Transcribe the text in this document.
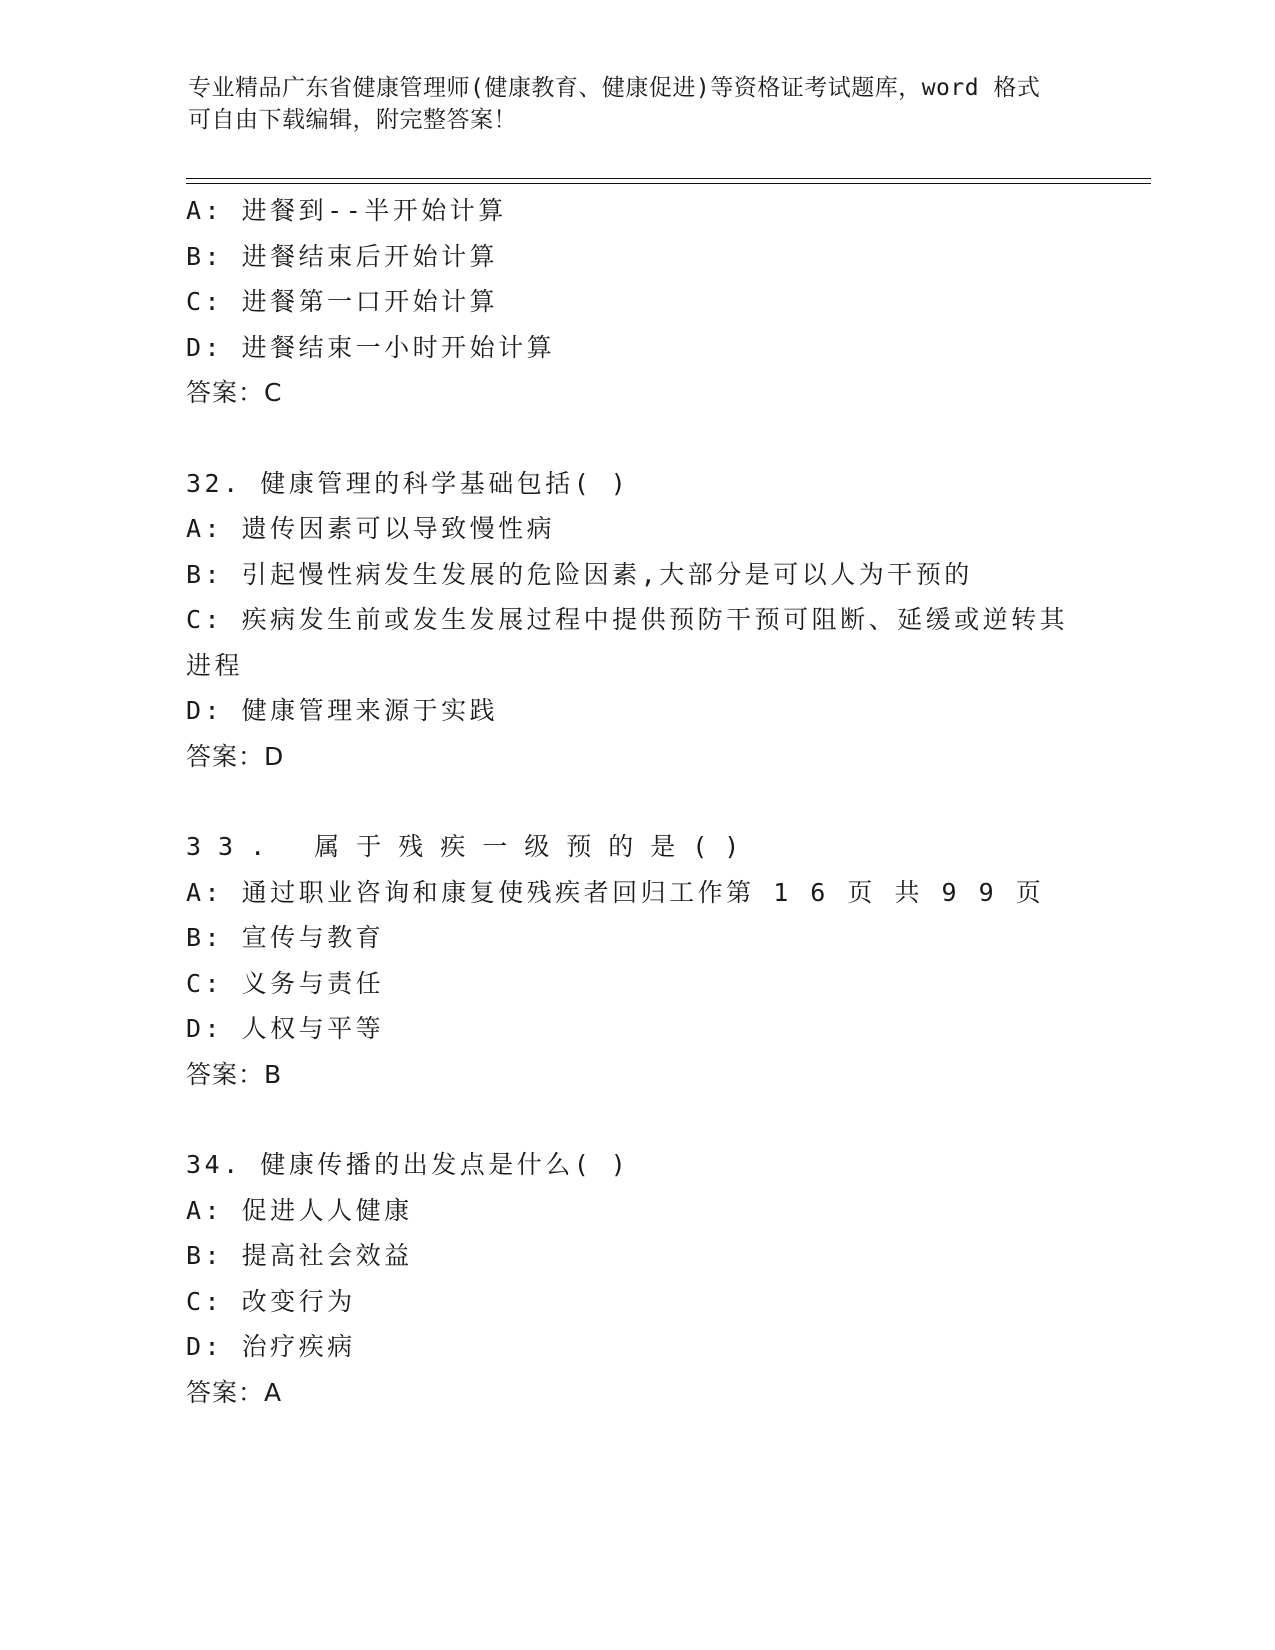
专业精品广东省健康管理师(健康教育、健康促进)等资格证考试题库，word 格式
可自由下载编辑，附完整答案！
A: 进餐到--半开始计算
B: 进餐结束后开始计算
C: 进餐第一口开始计算
D: 进餐结束一小时开始计算
答案：C
32. 健康管理的科学基础包括( )
A: 遗传因素可以导致慢性病
B: 引起慢性病发生发展的危险因素,大部分是可以人为干预的
C: 疾病发生前或发生发展过程中提供预防干预可阻断、延缓或逆转其
进程
D: 健康管理来源于实践
答案：D
33. 属于残疾一级预的是()
A: 通过职业咨询和康复使残疾者回归工作第 1 6 页 共 9 9 页
B: 宣传与教育
C: 义务与责任
D: 人权与平等
答案：B
34. 健康传播的出发点是什么( )
A: 促进人人健康
B: 提高社会效益
C: 改变行为
D: 治疗疾病
答案：A
